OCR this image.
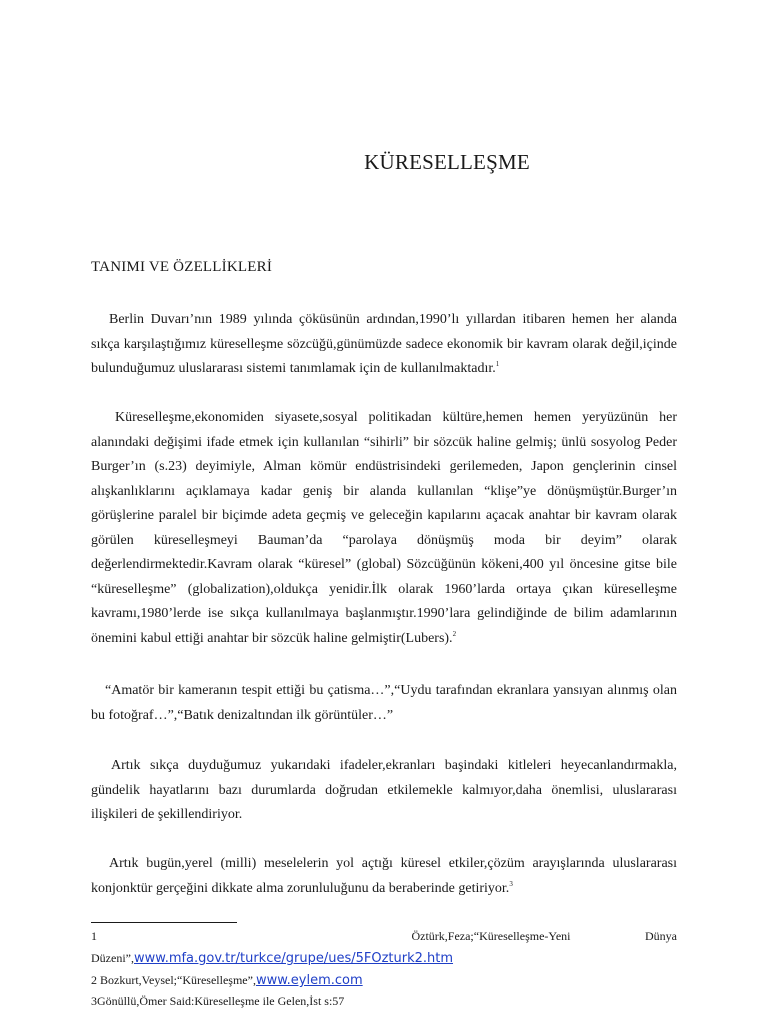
KÜRESELLEŞME
TANIMI VE ÖZELLİKLERİ

Berlin Duvarı’nın 1989 yılında çöküsünün ardından,1990’lı yıllardan itibaren hemen her alanda sıkça karşılaştığımız küreselleşme sözcüğü,günümüzde sadece ekonomik bir kavram olarak değil,içinde bulunduğumuz uluslararası sistemi tanımlamak için de kullanılmaktadır.$^1$

Küreselleşme,ekonomiden siyasete,sosyal politikadan kültüre,hemen hemen yeryüzünün her alanındaki değişimi ifade etmek için kullanılan “sihirli” bir sözcük haline gelmiş; ünlü sosyolog Peder Burger’ın (s.23) deyimiyle, Alman kömür endüstrisindeki gerilemeden, Japon gençlerinin cinsel alışkanlıklarını açıklamaya kadar geniş bir alanda kullanılan “klişe”ye dönüşmüştür.Burger’ın görüşlerine paralel bir biçimde adeta geçmiş ve geleceğin kapılarını açacak anahtar bir kavram olarak görülen küreselleşmeyi Bauman’da “parolaya dönüşmüş moda bir deyim” olarak değerlendirmektedir.Kavram olarak “küresel” (global) Sözcüğünün kökeni,400 yıl öncesine gitse bile “küreselleşme” (globalization),oldukça yenidir.İlk olarak 1960’larda ortaya çıkan küreselleşme kavramı,1980’lerde ise sıkça kullanılmaya başlanmıştır.1990’lara gelindiğinde de bilim adamlarının önemini kabul ettiği anahtar bir sözcük haline gelmiştir(Lubers).$^2$

“Amatör bir kameranın tespit ettiği bu çatisma…”,“Uydu tarafından ekranlara yansıyan alınmış olan bu fotoğraf…”,“Batık denizaltından ilk görüntüler…”

Artık sıkça duyduğumuz yukarıdaki ifadeler,ekranları başindaki kitleleri heyecanlandırmakla, gündelik hayatlarını bazı durumlarda doğrudan etkilemekle kalmıyor,daha önemlisi, uluslararası ilişkileri de şekillendiriyor.

Artık bugün,yerel (milli) meselelerin yol açtığı küresel etkiler,çözüm arayışlarında uluslararası konjonktür gerçeğini dikkate alma zorunluluğunu da beraberinde getiriyor.$^3$

1	Öztürk,Feza;“Küreselleşme-Yeni	Dünya
Düzeni”,www.mfa.gov.tr/turkce/grupe/ues/5FOzturk2.htm
2 Bozkurt,Veysel;“Küreselleşme”,www.eylem.com
3Gönüllü,Ömer Said:Küreselleşme ile Gelen,İst s:57
